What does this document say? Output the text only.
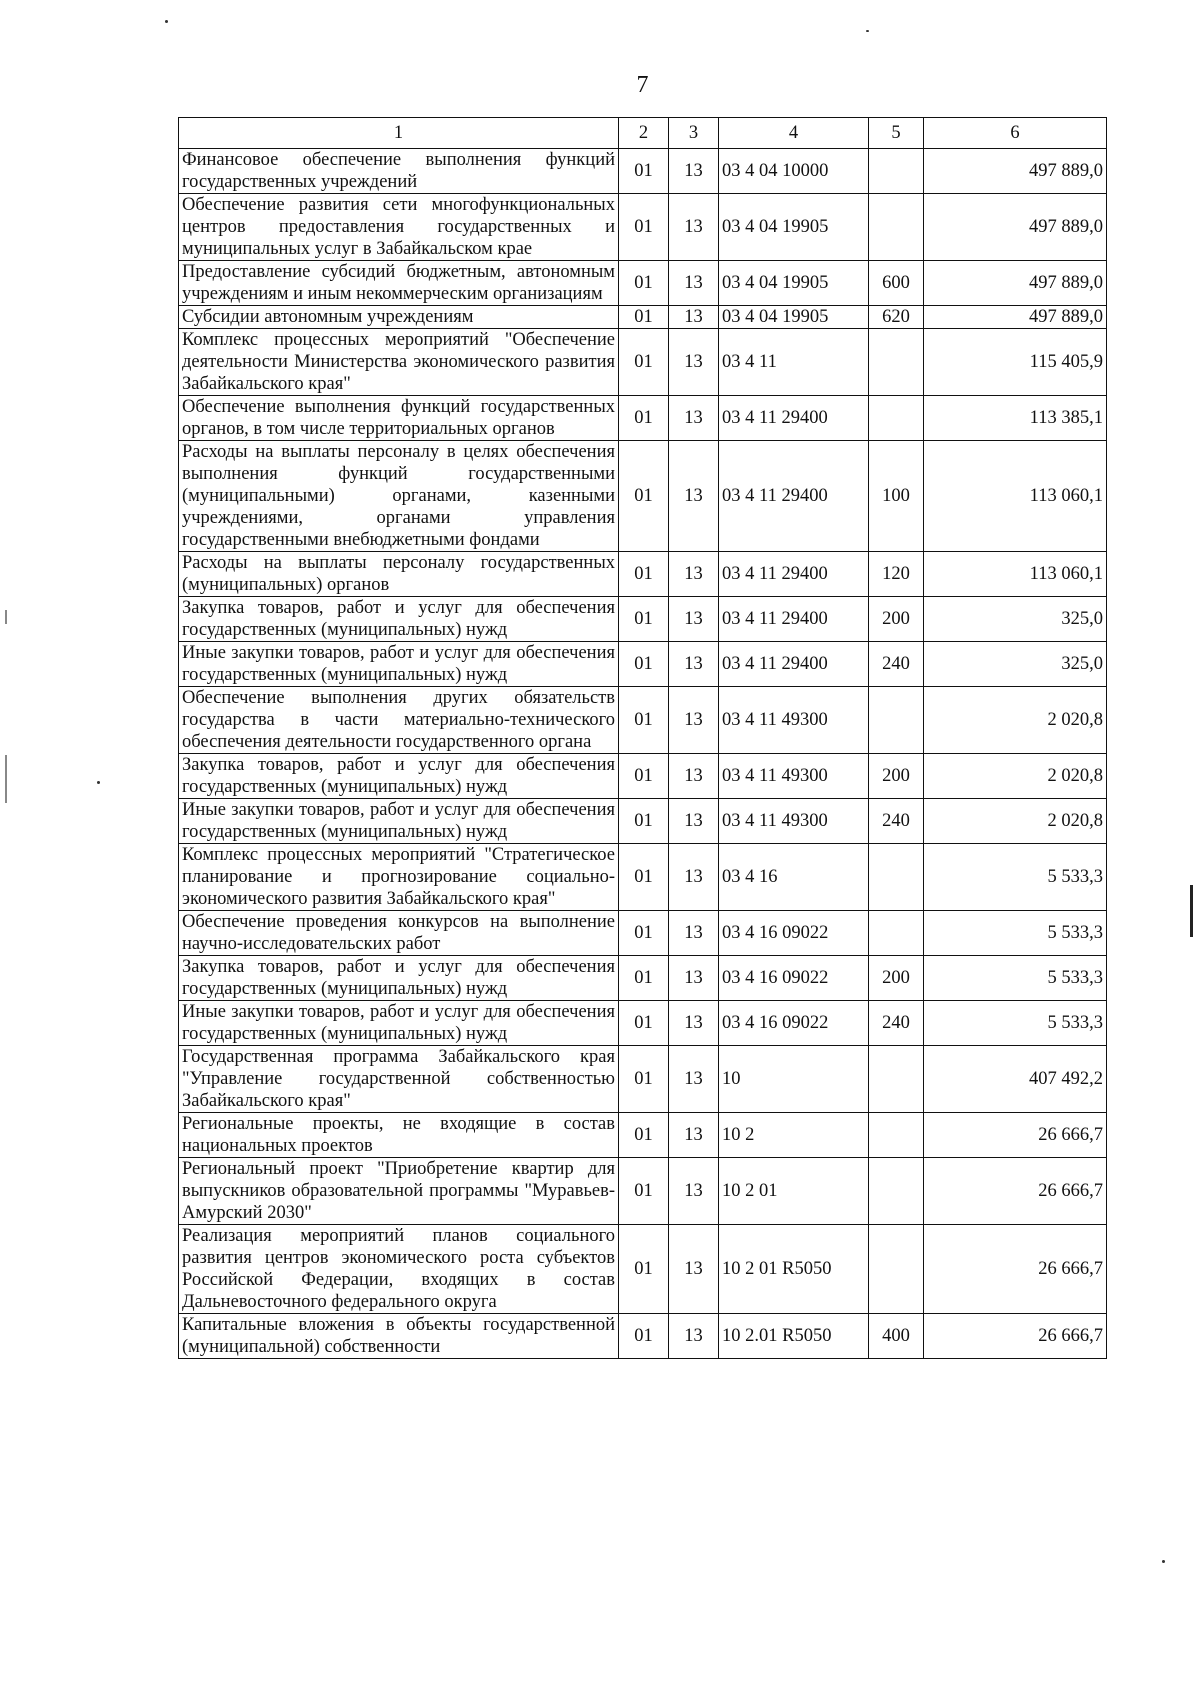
7
1	2	3	4	5	6
Финансовое обеспечение выполнения функций государственных учреждений	01	13	03 4 04 10000		497 889,0
Обеспечение развития сети многофункциональных центров предоставления государственных и муниципальных услуг в Забайкальском крае	01	13	03 4 04 19905		497 889,0
Предоставление субсидий бюджетным, автономным учреждениям и иным некоммерческим организациям	01	13	03 4 04 19905	600	497 889,0
Субсидии автономным учреждениям	01	13	03 4 04 19905	620	497 889,0
Комплекс процессных мероприятий "Обеспечение деятельности Министерства экономического развития Забайкальского края"	01	13	03 4 11		115 405,9
Обеспечение выполнения функций государственных органов, в том числе территориальных органов	01	13	03 4 11 29400		113 385,1
Расходы на выплаты персоналу в целях обеспечения выполнения функций государственными (муниципальными) органами, казенными учреждениями, органами управления государственными внебюджетными фондами	01	13	03 4 11 29400	100	113 060,1
Расходы на выплаты персоналу государственных (муниципальных) органов	01	13	03 4 11 29400	120	113 060,1
Закупка товаров, работ и услуг для обеспечения государственных (муниципальных) нужд	01	13	03 4 11 29400	200	325,0
Иные закупки товаров, работ и услуг для обеспечения государственных (муниципальных) нужд	01	13	03 4 11 29400	240	325,0
Обеспечение выполнения других обязательств государства в части материально-технического обеспечения деятельности государственного органа	01	13	03 4 11 49300		2 020,8
Закупка товаров, работ и услуг для обеспечения государственных (муниципальных) нужд	01	13	03 4 11 49300	200	2 020,8
Иные закупки товаров, работ и услуг для обеспечения государственных (муниципальных) нужд	01	13	03 4 11 49300	240	2 020,8
Комплекс процессных мероприятий "Стратегическое планирование и прогнозирование социально-экономического развития Забайкальского края"	01	13	03 4 16		5 533,3
Обеспечение проведения конкурсов на выполнение научно-исследовательских работ	01	13	03 4 16 09022		5 533,3
Закупка товаров, работ и услуг для обеспечения государственных (муниципальных) нужд	01	13	03 4 16 09022	200	5 533,3
Иные закупки товаров, работ и услуг для обеспечения государственных (муниципальных) нужд	01	13	03 4 16 09022	240	5 533,3
Государственная программа Забайкальского края "Управление государственной собственностью Забайкальского края"	01	13	10		407 492,2
Региональные проекты, не входящие в состав национальных проектов	01	13	10 2		26 666,7
Региональный проект "Приобретение квартир для выпускников образовательной программы "Муравьев-Амурский 2030"	01	13	10 2 01		26 666,7
Реализация мероприятий планов социального развития центров экономического роста субъектов Российской Федерации, входящих в состав Дальневосточного федерального округа	01	13	10 2 01 R5050		26 666,7
Капитальные вложения в объекты государственной (муниципальной) собственности	01	13	10 2.01 R5050	400	26 666,7
